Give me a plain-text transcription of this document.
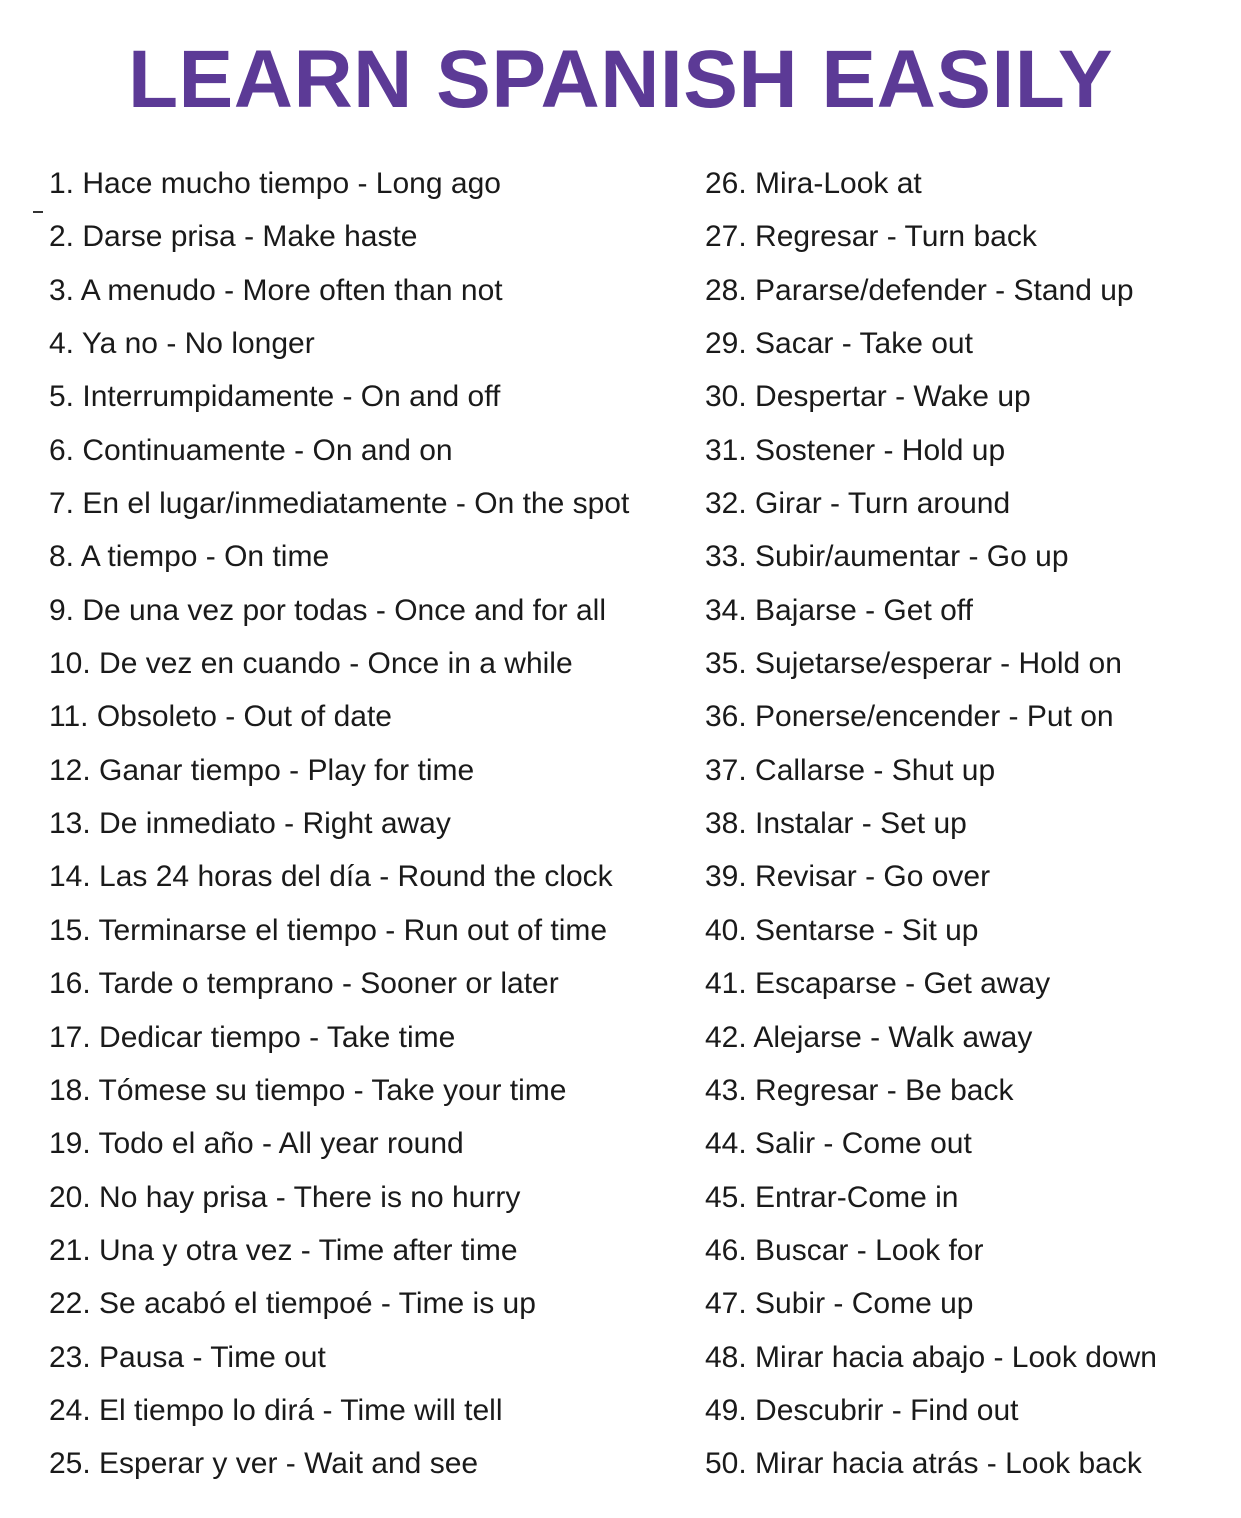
LEARN SPANISH EASILY
1. Hace mucho tiempo - Long ago
2. Darse prisa - Make haste
3. A menudo - More often than not
4. Ya no - No longer
5. Interrumpidamente - On and off
6. Continuamente - On and on
7. En el lugar/inmediatamente - On the spot
8. A tiempo - On time
9. De una vez por todas - Once and for all
10. De vez en cuando - Once in a while
11. Obsoleto - Out of date
12. Ganar tiempo - Play for time
13. De inmediato - Right away
14. Las 24 horas del día - Round the clock
15. Terminarse el tiempo - Run out of time
16. Tarde o temprano - Sooner or later
17. Dedicar tiempo - Take time
18. Tómese su tiempo - Take your time
19. Todo el año - All year round
20. No hay prisa - There is no hurry
21. Una y otra vez - Time after time
22. Se acabó el tiempoé - Time is up
23. Pausa - Time out
24. El tiempo lo dirá - Time will tell
25. Esperar y ver - Wait and see
26. Mira-Look at
27. Regresar - Turn back
28. Pararse/defender - Stand up
29. Sacar - Take out
30. Despertar - Wake up
31. Sostener - Hold up
32. Girar - Turn around
33. Subir/aumentar - Go up
34. Bajarse - Get off
35. Sujetarse/esperar - Hold on
36. Ponerse/encender - Put on
37. Callarse - Shut up
38. Instalar - Set up
39. Revisar - Go over
40. Sentarse - Sit up
41. Escaparse - Get away
42. Alejarse - Walk away
43. Regresar - Be back
44. Salir - Come out
45. Entrar-Come in
46. Buscar - Look for
47. Subir - Come up
48. Mirar hacia abajo - Look down
49. Descubrir - Find out
50. Mirar hacia atrás - Look back
